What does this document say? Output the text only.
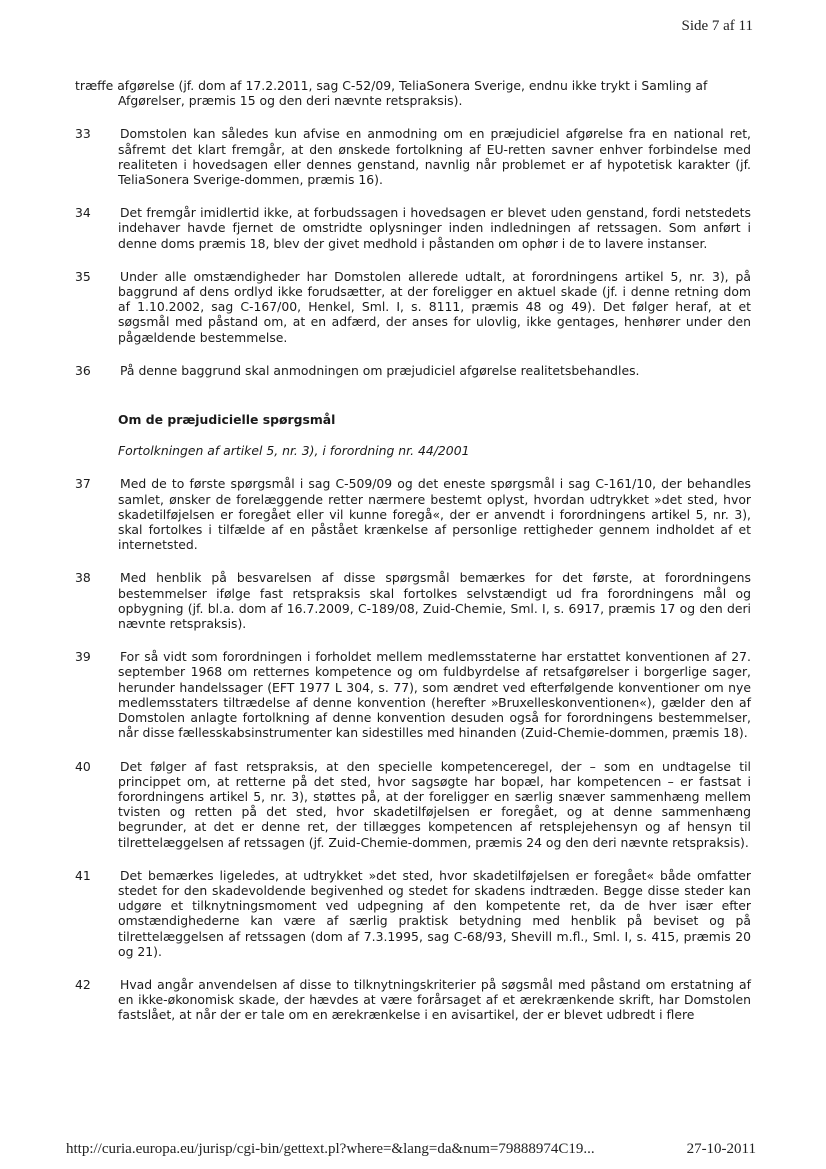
Side 7 af 11

træffe afgørelse (jf. dom af 17.2.2011, sag C-52/09, TeliaSonera Sverige, endnu ikke trykt i Samling af Afgørelser, præmis 15 og den deri nævnte retspraksis).

33	Domstolen kan således kun afvise en anmodning om en præjudiciel afgørelse fra en national ret, såfremt det klart fremgår, at den ønskede fortolkning af EU-retten savner enhver forbindelse med realiteten i hovedsagen eller dennes genstand, navnlig når problemet er af hypotetisk karakter (jf. TeliaSonera Sverige-dommen, præmis 16).
34	Det fremgår imidlertid ikke, at forbudssagen i hovedsagen er blevet uden genstand, fordi netstedets indehaver havde fjernet de omstridte oplysninger inden indledningen af retssagen. Som anført i denne doms præmis 18, blev der givet medhold i påstanden om ophør i de to lavere instanser.
35	Under alle omstændigheder har Domstolen allerede udtalt, at forordningens artikel 5, nr. 3), på baggrund af dens ordlyd ikke forudsætter, at der foreligger en aktuel skade (jf. i denne retning dom af 1.10.2002, sag C-167/00, Henkel, Sml. I, s. 8111, præmis 48 og 49). Det følger heraf, at et søgsmål med påstand om, at en adfærd, der anses for ulovlig, ikke gentages, henhører under den pågældende bestemmelse.
36	På denne baggrund skal anmodningen om præjudiciel afgørelse realitetsbehandles.

Om de præjudicielle spørgsmål

Fortolkningen af artikel 5, nr. 3), i forordning nr. 44/2001

37	Med de to første spørgsmål i sag C-509/09 og det eneste spørgsmål i sag C-161/10, der behandles samlet, ønsker de forelæggende retter nærmere bestemt oplyst, hvordan udtrykket »det sted, hvor skadetilføjelsen er foregået eller vil kunne foregå«, der er anvendt i forordningens artikel 5, nr. 3), skal fortolkes i tilfælde af en påstået krænkelse af personlige rettigheder gennem indholdet af et internetsted.
38	Med henblik på besvarelsen af disse spørgsmål bemærkes for det første, at forordningens bestemmelser ifølge fast retspraksis skal fortolkes selvstændigt ud fra forordningens mål og opbygning (jf. bl.a. dom af 16.7.2009, C-189/08, Zuid-Chemie, Sml. I, s. 6917, præmis 17 og den deri nævnte retspraksis).
39	For så vidt som forordningen i forholdet mellem medlemsstaterne har erstattet konventionen af 27. september 1968 om retternes kompetence og om fuldbyrdelse af retsafgørelser i borgerlige sager, herunder handelssager (EFT 1977 L 304, s. 77), som ændret ved efterfølgende konventioner om nye medlemsstaters tiltrædelse af denne konvention (herefter »Bruxelleskonventionen«), gælder den af Domstolen anlagte fortolkning af denne konvention desuden også for forordningens bestemmelser, når disse fællesskabsinstrumenter kan sidestilles med hinanden (Zuid-Chemie-dommen, præmis 18).
40	Det følger af fast retspraksis, at den specielle kompetenceregel, der – som en undtagelse til princippet om, at retterne på det sted, hvor sagsøgte har bopæl, har kompetencen – er fastsat i forordningens artikel 5, nr. 3), støttes på, at der foreligger en særlig snæver sammenhæng mellem tvisten og retten på det sted, hvor skadetilføjelsen er foregået, og at denne sammenhæng begrunder, at det er denne ret, der tillægges kompetencen af retsplejehensyn og af hensyn til tilrettelæggelsen af retssagen (jf. Zuid-Chemie-dommen, præmis 24 og den deri nævnte retspraksis).
41	Det bemærkes ligeledes, at udtrykket »det sted, hvor skadetilføjelsen er foregået« både omfatter stedet for den skadevoldende begivenhed og stedet for skadens indtræden. Begge disse steder kan udgøre et tilknytningsmoment ved udpegning af den kompetente ret, da de hver især efter omstændighederne kan være af særlig praktisk betydning med henblik på beviset og på tilrettelæggelsen af retssagen (dom af 7.3.1995, sag C-68/93, Shevill m.fl., Sml. I, s. 415, præmis 20 og 21).
42	Hvad angår anvendelsen af disse to tilknytningskriterier på søgsmål med påstand om erstatning af en ikke-økonomisk skade, der hævdes at være forårsaget af et ærekrænkende skrift, har Domstolen fastslået, at når der er tale om en ærekrænkelse i en avisartikel, der er blevet udbredt i flere
http://curia.europa.eu/jurisp/cgi-bin/gettext.pl?where=&lang=da&num=79888974C19...	27-10-2011
